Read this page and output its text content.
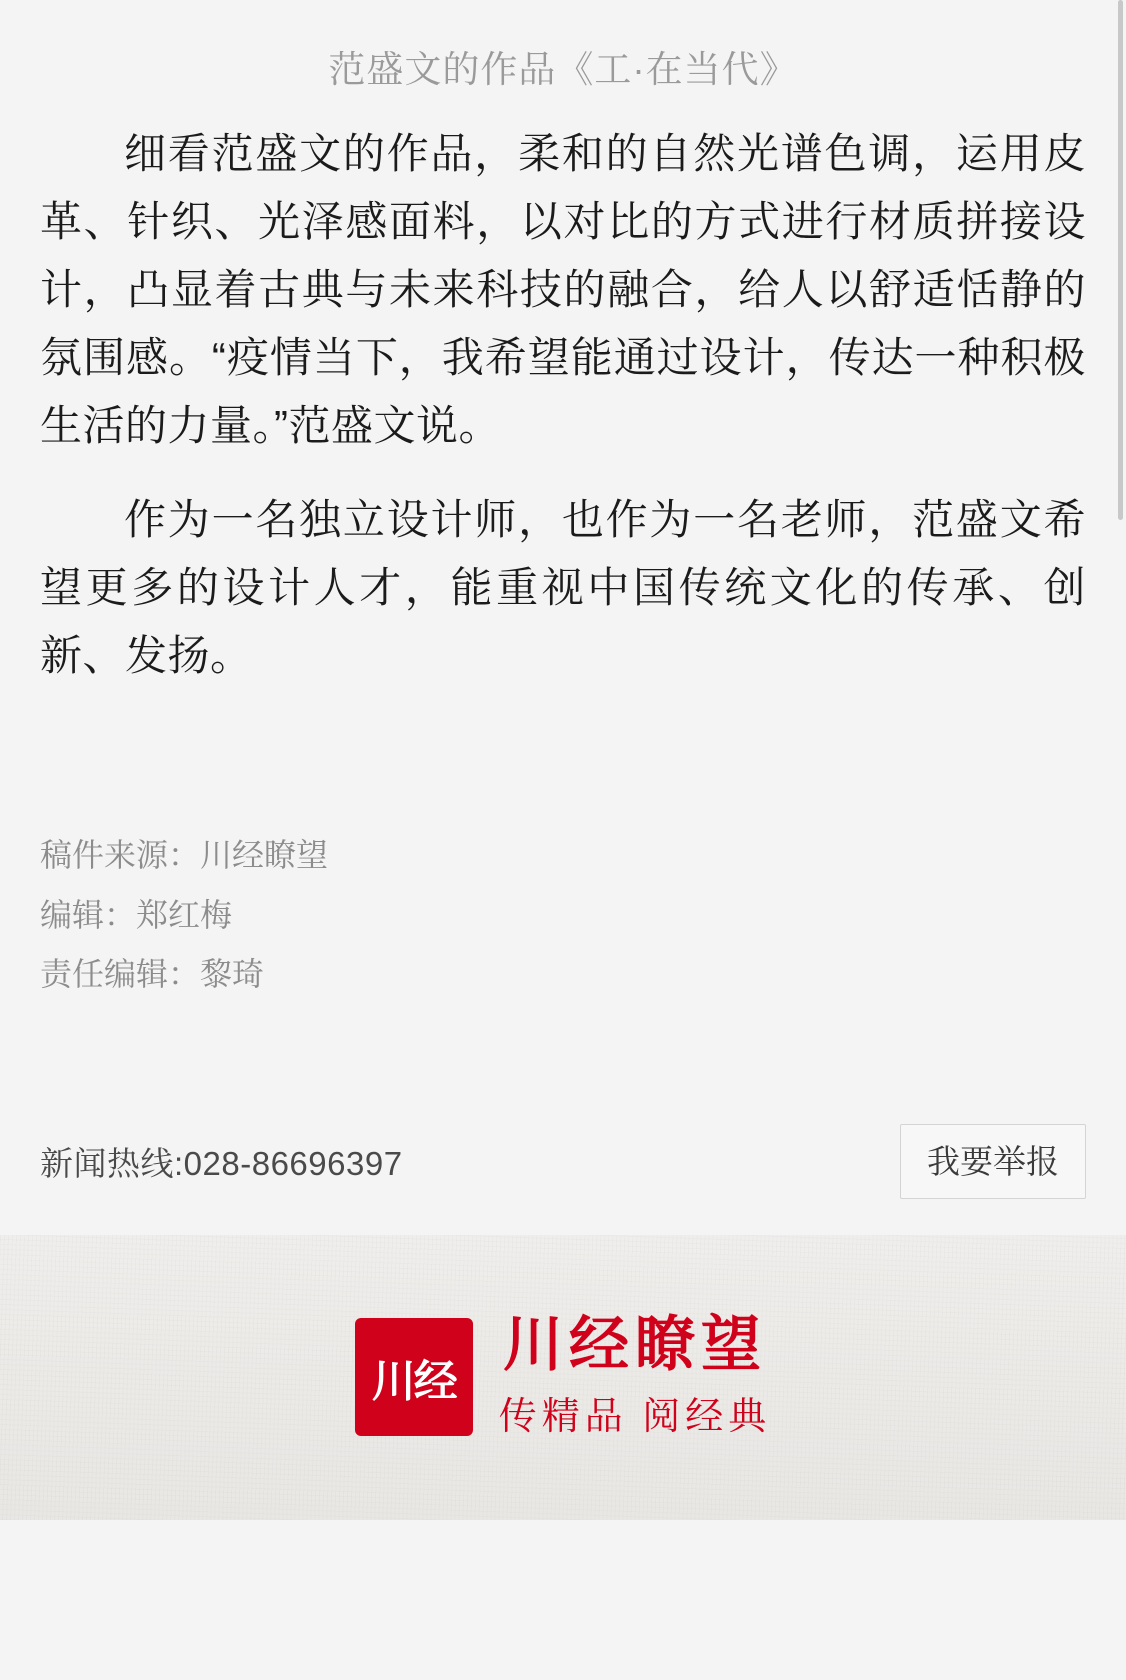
范盛文的作品《工·在当代》

细看范盛文的作品，柔和的自然光谱色调，运用皮革、针织、光泽感面料，以对比的方式进行材质拼接设计，凸显着古典与未来科技的融合，给人以舒适恬静的氛围感。“疫情当下，我希望能通过设计，传达一种积极生活的力量。”范盛文说。

作为一名独立设计师，也作为一名老师，范盛文希望更多的设计人才，能重视中国传统文化的传承、创新、发扬。

稿件来源：川经瞭望
编辑：郑红梅
责任编辑：黎琦
新闻热线:028-86696397	我要举报
川经
川经瞭望
传精品 阅经典
